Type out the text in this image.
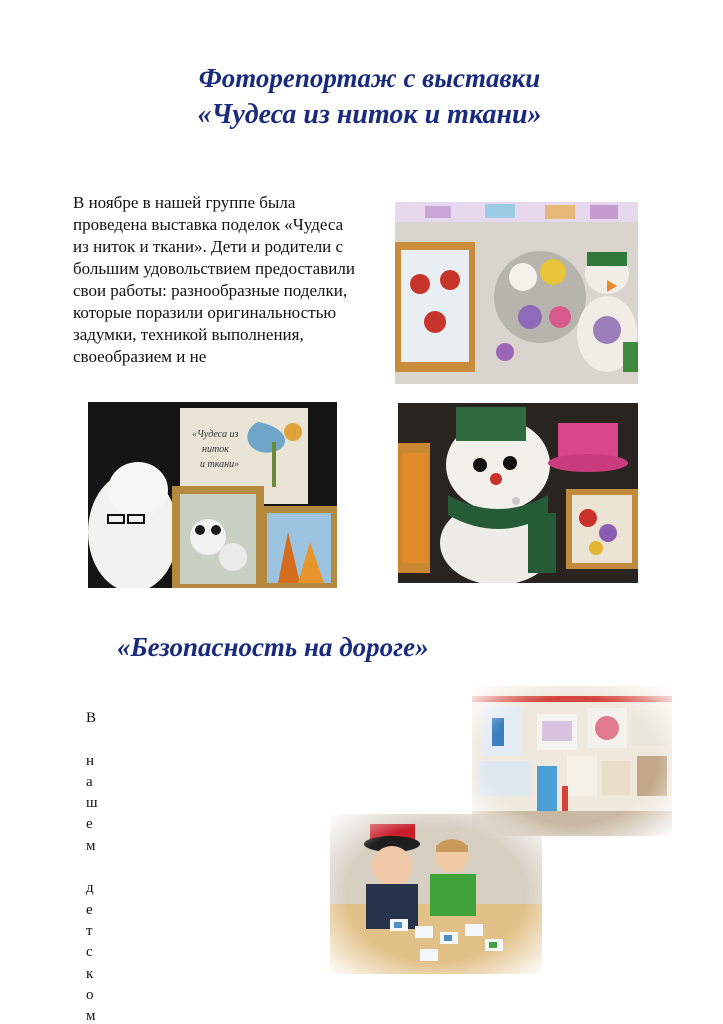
Фоторепортаж с выставки
«Чудеса из ниток и ткани»

В ноябре в нашей группе была проведена выставка поделок «Чудеса из ниток и ткани». Дети и родители с большим удовольствием предоставили свои работы: разнообразные поделки, которые поразили оригинальностью задумки, техникой выполнения, своеобразием и не

«Чудеса из
ниток
и ткани»
«Безопасность на дороге»

В

н
а
ш
е
м

д
е
т
с
к
о
м
